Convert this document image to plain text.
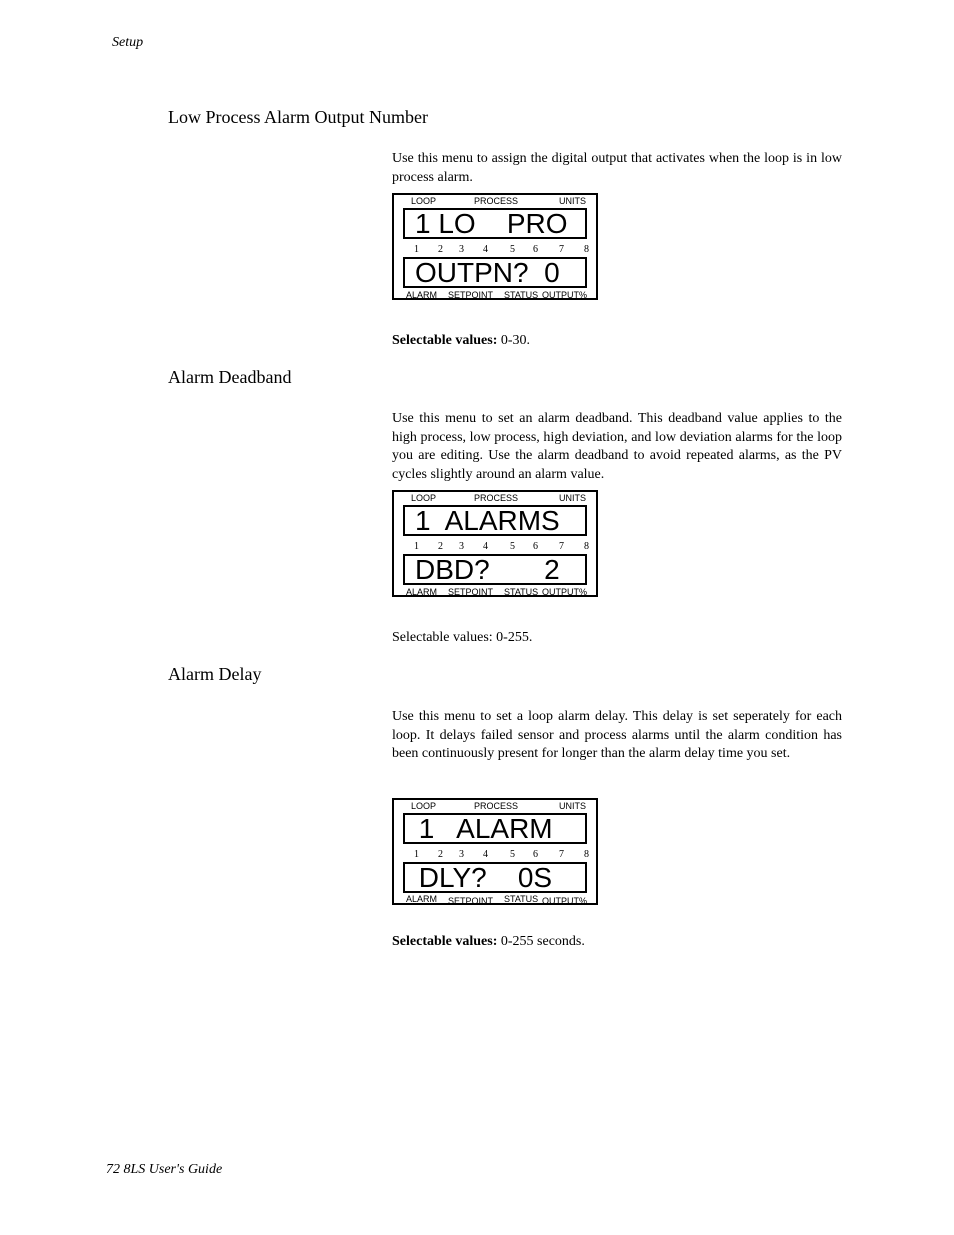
Setup
Low Process Alarm Output Number

Use this menu to assign the digital output that activates when the loop is in low process alarm.

LOOP	PROCESS	UNITS
1 LO    PRO
1 2 3 4 5 6 7 8
OUTPN?  0
ALARM SETPOINT STATUS OUTPUT%
Selectable values: 0-30.
Alarm Deadband

Use this menu to set an alarm deadband. This deadband value applies to the high process, low process, high deviation, and low deviation alarms for the loop you are editing. Use the alarm deadband to avoid repeated alarms, as the PV cycles slightly around an alarm value.

LOOP	PROCESS	UNITS
1  ALARMS
1 2 3 4 5 6 7 8
DBD?       2
ALARM SETPOINT STATUS OUTPUT%
Selectable values: 0-255.
Alarm Delay

Use this menu to set a loop alarm delay. This delay is set seperately for each loop. It delays failed sensor and process alarms until the alarm condition has been continuously present for longer than the alarm delay time you set.

LOOP	PROCESS	UNITS
1   ALARM
1 2 3 4 5 6 7 8
DLY?    0S
ALARM SETPOINT STATUS OUTPUT%
Selectable values: 0-255 seconds.
72 8LS User's Guide
